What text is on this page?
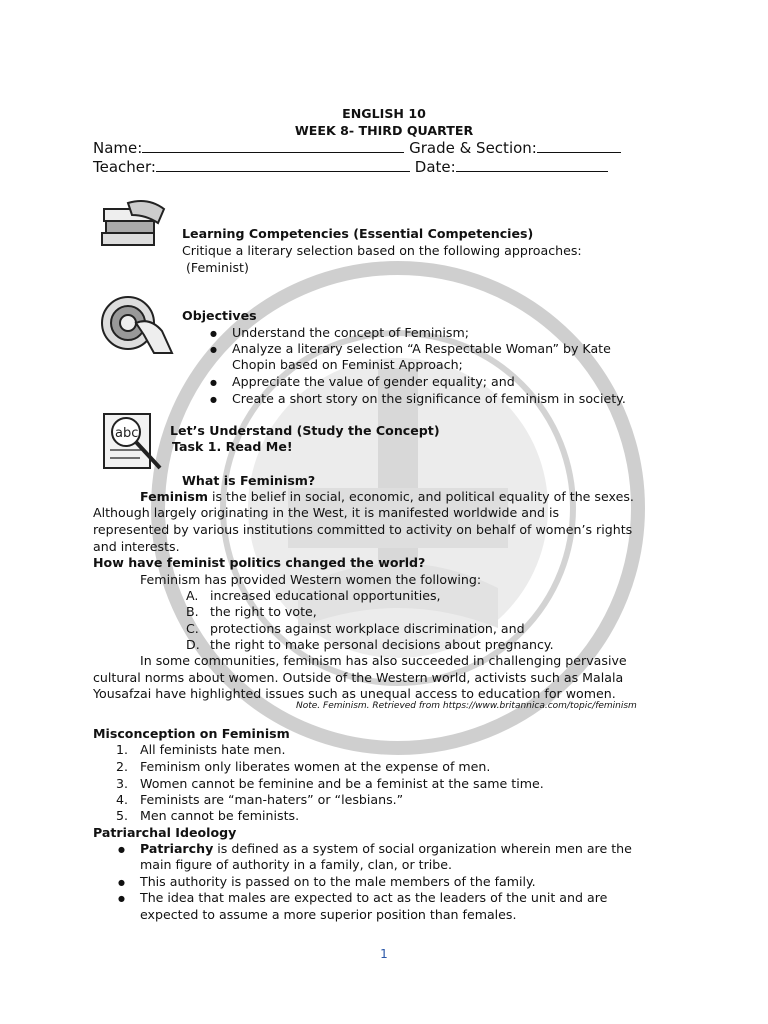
ENGLISH 10
WEEK 8- THIRD QUARTER
Name:	Grade & Section:
Teacher:	Date:
Learning Competencies (Essential Competencies)
Critique a literary selection based on the following approaches:
(Feminist)
Objectives
● Understand the concept of Feminism;
● Analyze a literary selection “A Respectable Woman” by Kate
Chopin based on Feminist Approach;
● Appreciate the value of gender equality; and
● Create a short story on the significance of feminism in society.
abc	Let’s Understand (Study the Concept)
Task 1. Read Me!
What is Feminism?
Feminism is the belief in social, economic, and political equality of the sexes.
Although largely originating in the West, it is manifested worldwide and is
represented by various institutions committed to activity on behalf of women’s rights
and interests.
How have feminist politics changed the world?
Feminism has provided Western women the following:
A. increased educational opportunities,
B. the right to vote,
C. protections against workplace discrimination, and
D. the right to make personal decisions about pregnancy.
In some communities, feminism has also succeeded in challenging pervasive
cultural norms about women. Outside of the Western world, activists such as Malala
Yousafzai have highlighted issues such as unequal access to education for women.
Note. Feminism. Retrieved from https://www.britannica.com/topic/feminism
Misconception on Feminism
1. All feminists hate men.
2. Feminism only liberates women at the expense of men.
3. Women cannot be feminine and be a feminist at the same time.
4. Feminists are “man-haters” or “lesbians.”
5. Men cannot be feminists.
Patriarchal Ideology
● Patriarchy is defined as a system of social organization wherein men are the
main figure of authority in a family, clan, or tribe.
● This authority is passed on to the male members of the family.
● The idea that males are expected to act as the leaders of the unit and are
expected to assume a more superior position than females.
1
